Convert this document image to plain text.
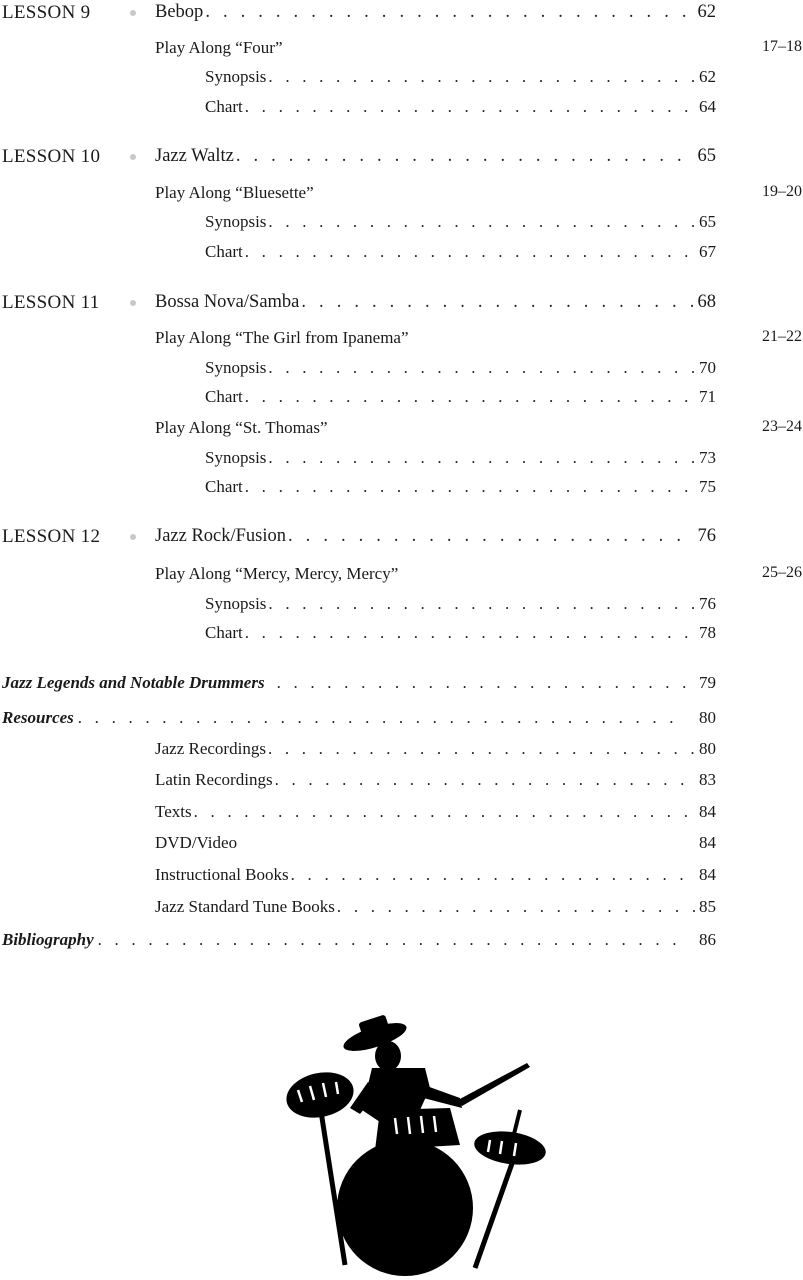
LESSON 9	Bebop . . .	62
Play Along “Four”	17–18
Synopsis . . .	62
Chart . . .	64
LESSON 10	Jazz Waltz . . .	65
Play Along “Bluesette”	19–20
Synopsis . . .	65
Chart . . .	67
LESSON 11	Bossa Nova/Samba . . .	68
Play Along “The Girl from Ipanema”	21–22
Synopsis . . .	70
Chart . . .	71
Play Along “St. Thomas”	23–24
Synopsis . . .	73
Chart . . .	75
LESSON 12	Jazz Rock/Fusion . . .	76
Play Along “Mercy, Mercy, Mercy”	25–26
Synopsis . . .	76
Chart . . .	78
Jazz Legends and Notable Drummers . . .	79
Resources . . .	80
Jazz Recordings . . .	80
Latin Recordings . . .	83
Texts . . .	84
DVD/Video	84
Instructional Books . . .	84
Jazz Standard Tune Books . . .	85
Bibliography . . .	86
